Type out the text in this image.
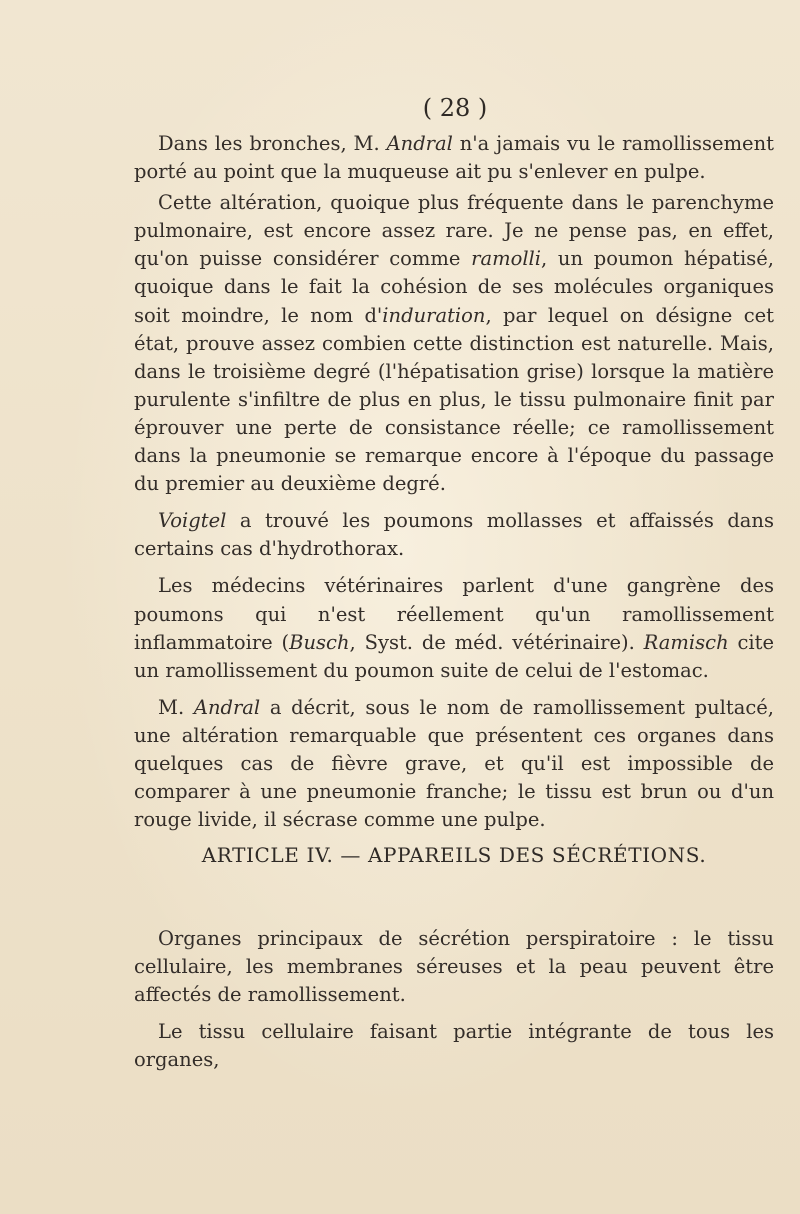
( 28 )

Dans les bronches, M. Andral n'a jamais vu le ramollissement porté au point que la muqueuse ait pu s'enlever en pulpe.

Cette altération, quoique plus fréquente dans le parenchyme pulmonaire, est encore assez rare. Je ne pense pas, en effet, qu'on puisse considérer comme ramolli, un poumon hépatisé, quoique dans le fait la cohésion de ses molécules organiques soit moindre, le nom d'induration, par lequel on désigne cet état, prouve assez combien cette distinction est naturelle. Mais, dans le troisième degré (l'hépatisation grise) lorsque la matière purulente s'infiltre de plus en plus, le tissu pulmonaire finit par éprouver une perte de consistance réelle; ce ramollissement dans la pneumonie se remarque encore à l'époque du passage du premier au deuxième degré.

Voigtel a trouvé les poumons mollasses et affaissés dans certains cas d'hydrothorax.

Les médecins vétérinaires parlent d'une gangrène des poumons qui n'est réellement qu'un ramollissement inflammatoire (Busch, Syst. de méd. vétérinaire). Ramisch cite un ramollissement du poumon suite de celui de l'estomac.

M. Andral a décrit, sous le nom de ramollissement pultacé, une altération remarquable que présentent ces organes dans quelques cas de fièvre grave, et qu'il est impossible de comparer à une pneumonie franche; le tissu est brun ou d'un rouge livide, il sécrase comme une pulpe.

ARTICLE IV. — APPAREILS DES SÉCRÉTIONS.

Organes principaux de sécrétion perspiratoire : le tissu cellulaire, les membranes séreuses et la peau peuvent être affectés de ramollissement.

Le tissu cellulaire faisant partie intégrante de tous les organes,
